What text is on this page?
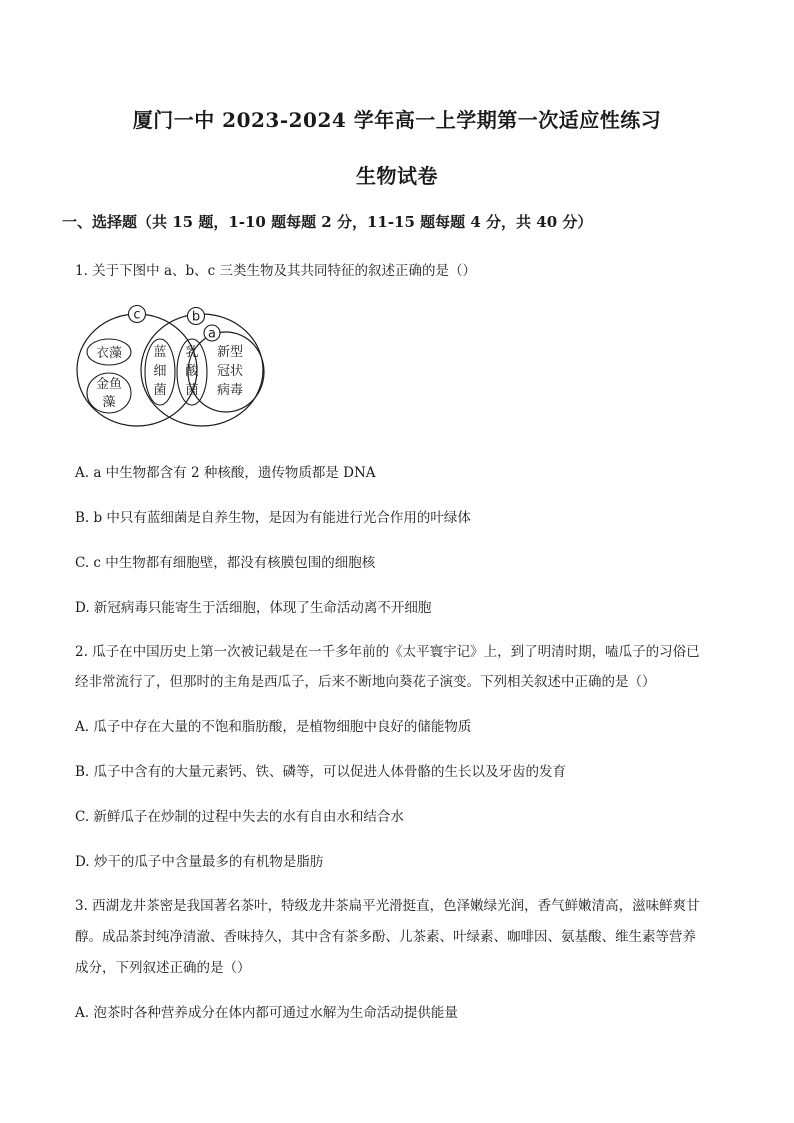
厦门一中 2023-2024 学年高一上学期第一次适应性练习
生物试卷
一、选择题（共 15 题，1-10 题每题 2 分，11-15 题每题 4 分，共 40 分）
1. 关于下图中 a、b、c 三类生物及其共同特征的叙述正确的是（）
c	b
a
衣藻
金鱼
藻
蓝
细
菌
乳
酸
菌
新型
冠状
病毒
A. a 中生物都含有 2 种核酸，遗传物质都是 DNA
B. b 中只有蓝细菌是自养生物，是因为有能进行光合作用的叶绿体
C. c 中生物都有细胞壁，都没有核膜包围的细胞核
D. 新冠病毒只能寄生于活细胞，体现了生命活动离不开细胞
2. 瓜子在中国历史上第一次被记载是在一千多年前的《太平寰宇记》上，到了明清时期，嗑瓜子的习俗已
经非常流行了，但那时的主角是西瓜子，后来不断地向葵花子演变。下列相关叙述中正确的是（）
A. 瓜子中存在大量的不饱和脂肪酸，是植物细胞中良好的储能物质
B. 瓜子中含有的大量元素钙、铁、磷等，可以促进人体骨骼的生长以及牙齿的发育
C. 新鲜瓜子在炒制的过程中失去的水有自由水和结合水
D. 炒干的瓜子中含量最多的有机物是脂肪
3. 西湖龙井茶密是我国著名茶叶，特级龙井茶扁平光滑挺直，色泽嫩绿光润，香气鲜嫩清高，滋味鲜爽甘
醇。成品茶封纯净清澈、香味持久，其中含有茶多酚、儿茶素、叶绿素、咖啡因、氨基酸、维生素等营养
成分，下列叙述正确的是（）
A. 泡茶时各种营养成分在体内都可通过水解为生命活动提供能量
